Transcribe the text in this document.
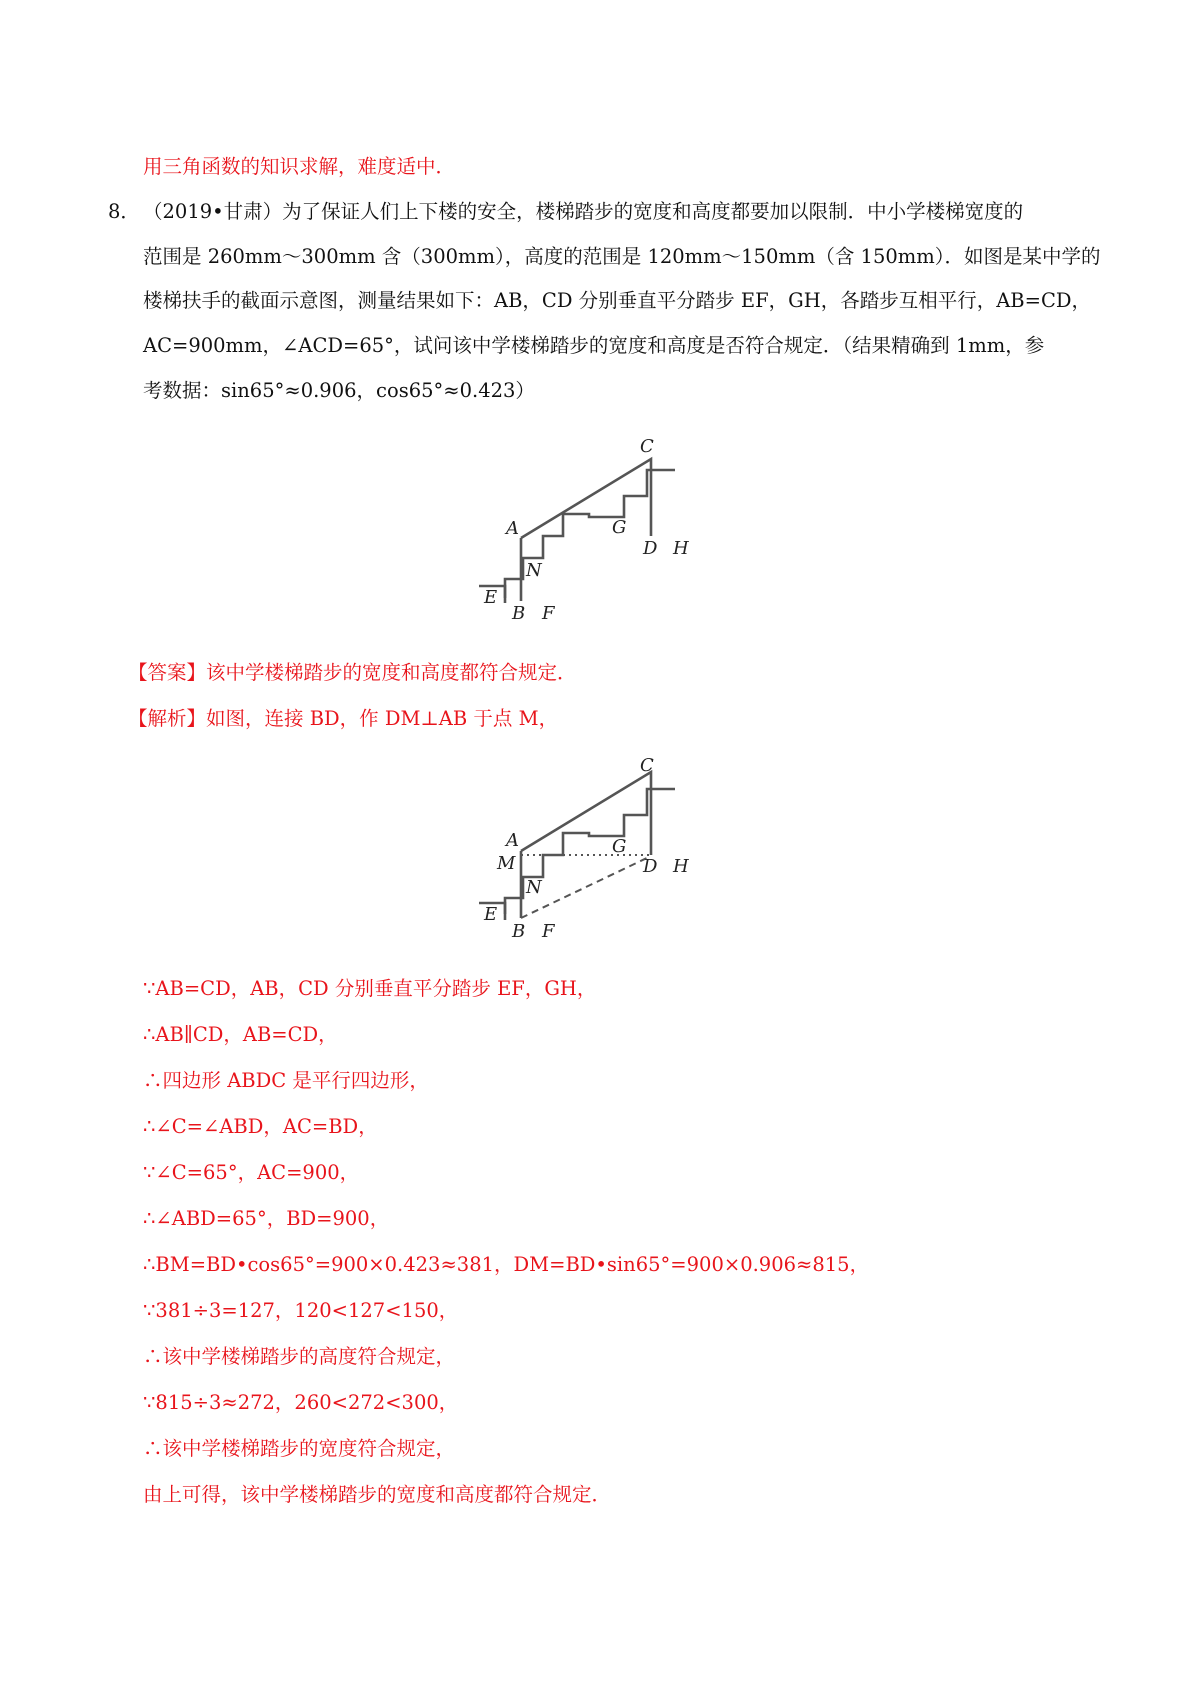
用三角函数的知识求解，难度适中．
8． （2019•甘肃）为了保证人们上下楼的安全，楼梯踏步的宽度和高度都要加以限制．中小学楼梯宽度的
范围是 260mm～300mm 含（300mm），高度的范围是 120mm～150mm（含 150mm）．如图是某中学的
楼梯扶手的截面示意图，测量结果如下：AB，CD 分别垂直平分踏步 EF，GH，各踏步互相平行，AB=CD，
AC=900mm，∠ACD=65°，试问该中学楼梯踏步的宽度和高度是否符合规定．（结果精确到 1mm，参
考数据：sin65°≈0.906，cos65°≈0.423）
C
A	G
D H
N
E
B F
【答案】该中学楼梯踏步的宽度和高度都符合规定．
【解析】如图，连接 BD，作 DM⊥AB 于点 M，
C
A
M
G
D H
N
E
B F
∵AB=CD，AB，CD 分别垂直平分踏步 EF，GH，
∴AB∥CD，AB=CD，
∴四边形 ABDC 是平行四边形，
∴∠C=∠ABD，AC=BD，
∵∠C=65°，AC=900，
∴∠ABD=65°，BD=900，
∴BM=BD•cos65°=900×0.423≈381，DM=BD•sin65°=900×0.906≈815，
∵381÷3=127，120<127<150，
∴该中学楼梯踏步的高度符合规定，
∵815÷3≈272，260<272<300，
∴该中学楼梯踏步的宽度符合规定，
由上可得，该中学楼梯踏步的宽度和高度都符合规定．
